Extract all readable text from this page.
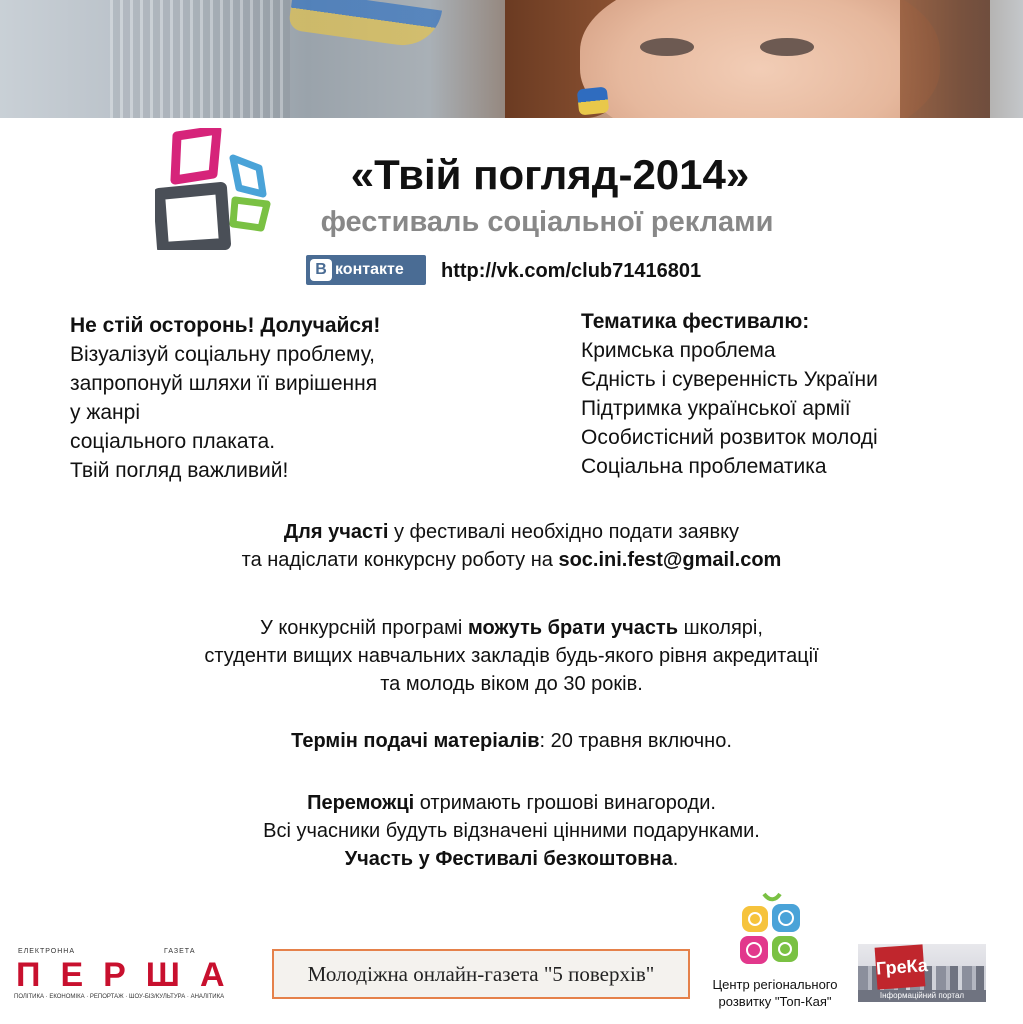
«Твій погляд-2014»
фестиваль соціальної реклами
B контакте http://vk.com/club71416801
Не стій осторонь! Долучайся!
Візуалізуй соціальну проблему,
запропонуй шляхи її вирішення
у жанрі
соціального плаката.
Твій погляд важливий!
Тематика фестивалю:
Кримська проблема
Єдність і суверенність України
Підтримка української армії
Особистісний розвиток молоді
Соціальна проблематика
Для участі у фестивалі необхідно подати заявку
та надіслати конкурсну роботу на soc.ini.fest@gmail.com
У конкурсній програмі можуть брати участь школярі,
студенти вищих навчальних закладів будь-якого рівня акредитації
та молодь віком до 30 років.
Термін подачі матеріалів: 20 травня включно.
Переможці отримають грошові винагороди.
Всі учасники будуть відзначені цінними подарунками.
Участь у Фестивалі безкоштовна.
ЕЛЕКТРОННА	ГАЗЕТА
ПЕРША
ПОЛІТИКА · ЕКОНОМІКА · РЕПОРТАЖ · ШОУ-БІЗ/КУЛЬТУРА · АНАЛІТИКА
Молодіжна онлайн-газета "5 поверхів"	Центр регіонального
розвитку "Топ-Кая"
ГреКа
Інформаційний портал
